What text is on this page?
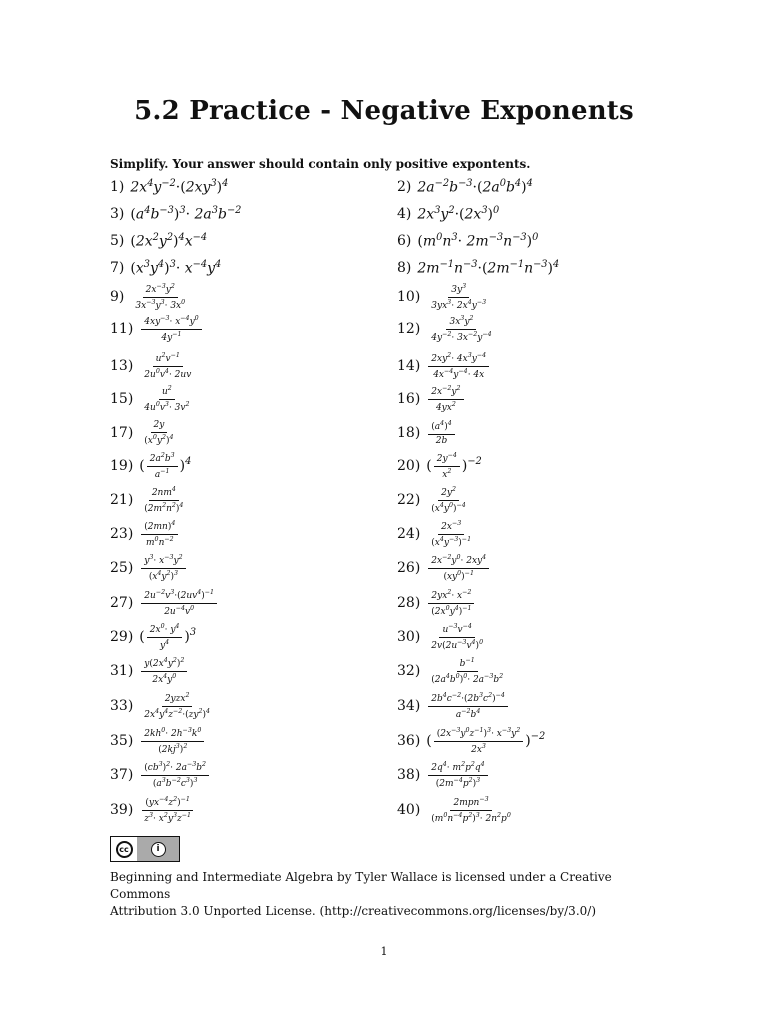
5.2 Practice - Negative Exponents
Simplify. Your answer should contain only positive expontents.
1) $2x^4y^{-2}\cdot(2xy^3)^4$	2) $2a^{-2}b^{-3}\cdot(2a^0b^4)^4$
3) $(a^4b^{-3})^3\cdot 2a^3b^{-2}$	4) $2x^3y^2\cdot(2x^3)^0$
5) $(2x^2y^2)^4x^{-4}$	6) $(m^0n^3\cdot 2m^{-3}n^{-3})^0$
7) $(x^3y^4)^3\cdot x^{-4}y^4$	8) $2m^{-1}n^{-3}\cdot(2m^{-1}n^{-3})^4$
$9) \frac{2x^{-3}y^2}{3x^{-3}y^3\cdot 3x^0}$	$10) \frac{3y^3}{3yx^3\cdot 2x^4y^{-3}}$
$11) \frac{4xy^{-3}\cdot x^{-4}y^0}{4y^{-1}}$	$12) \frac{3x^3y^2}{4y^{-2}\cdot 3x^{-2}y^{-4}}$
$13) \frac{u^2v^{-1}}{2u^0v^4\cdot 2uv}$	$14) \frac{2xy^2\cdot 4x^3y^{-4}}{4x^{-4}y^{-4}\cdot 4x}$
$15) \frac{u^2}{4u^0v^3\cdot 3v^2}$	$16) \frac{2x^{-2}y^2}{4yx^2}$
$17) \frac{2y}{(x^0y^2)^4}$	$18) \frac{(a^4)^4}{2b}$
19) ( $\frac{2a^2b^3}{a^{-1}} )^4$	20) ( $\frac{2y^{-4}}{x^2} )^{-2}$
$21) \frac{2nm^4}{(2m^2n^2)^4}$	$22) \frac{2y^2}{(x^4y^0)^{-4}}$
$23) \frac{(2mn)^4}{m^0n^{-2}}$	$24) \frac{2x^{-3}}{(x^4y^{-3})^{-1}}$
$25) \frac{y^3\cdot x^{-3}y^2}{(x^4y^2)^3}$	$26) \frac{2x^{-2}y^0\cdot 2xy^4}{(xy^0)^{-1}}$
$27) \frac{2u^{-2}v^3\cdot(2uv^4)^{-1}}{2u^{-4}v^0}$	$28) \frac{2yx^2\cdot x^{-2}}{(2x^0y^4)^{-1}}$
29) ( $\frac{2x^0\cdot y^4}{y^4} )^3$	$30) \frac{u^{-3}v^{-4}}{2v(2u^{-3}v^4)^0}$
$31) \frac{y(2x^4y^2)^2}{2x^4y^0}$	$32) \frac{b^{-1}}{(2a^4b^0)^0\cdot 2a^{-3}b^2}$
$33) \frac{2yzx^2}{2x^4y^4z^{-2}\cdot(zy^2)^4}$	$34) \frac{2b^4c^{-2}\cdot(2b^3c^2)^{-4}}{a^{-2}b^4}$
$35) \frac{2kh^0\cdot 2h^{-3}k^0}{(2kj^3)^2}$	36) ( $\frac{(2x^{-3}y^0z^{-1})^3\cdot x^{-3}y^2}{2x^3} )^{-2}$
$37) \frac{(cb^3)^2\cdot 2a^{-3}b^2}{(a^3b^{-2}c^3)^3}$	$38) \frac{2q^4\cdot m^2p^2q^4}{(2m^{-4}p^2)^3}$
$39) \frac{(yx^{-4}z^2)^{-1}}{z^3\cdot x^2y^3z^{-1}}$	$40) \frac{2mpn^{-3}}{(m^0n^{-4}p^2)^3\cdot 2n^2p^0}$
cc	i
Beginning and Intermediate Algebra by Tyler Wallace is licensed under a Creative Commons
Attribution 3.0 Unported License. (http://creativecommons.org/licenses/by/3.0/)
1
